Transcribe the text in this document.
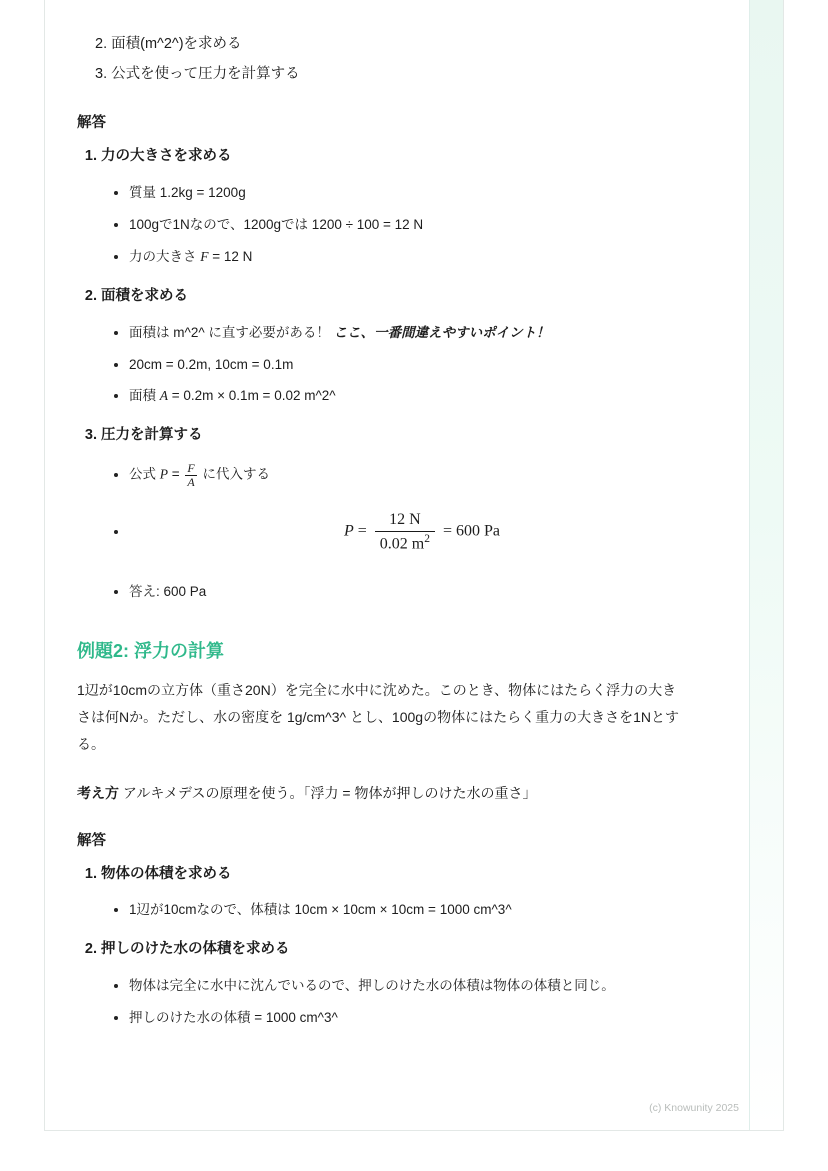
2. 面積(m^2^)を求める
3. 公式を使って圧力を計算する
解答
1. 力の大きさを求める
• 質量 1.2kg = 1200g
• 100gで1Nなので、1200gでは 1200 ÷ 100 = 12 N
• 力の大きさ F = 12 N
2. 面積を求める
• 面積は m^2^ に直す必要がある！ ここ、一番間違えやすいポイント！
• 20cm = 0.2m, 10cm = 0.1m
• 面積 A = 0.2m × 0.1m = 0.02 m^2^
3. 圧力を計算する
• 公式 $P = \frac{F}{A}$ に代入する
• $P = \frac{12 N}{0.02 m^2} = 600$ Pa
• 答え: 600 Pa
例題2: 浮力の計算

1辺が10cmの立方体（重さ20N）を完全に水中に沈めた。このとき、物体にはたらく浮力の大きさは何Nか。ただし、水の密度を 1g/cm^3^ とし、100gの物体にはたらく重力の大きさを1Nとする。

考え方 アルキメデスの原理を使う。「浮力 = 物体が押しのけた水の重さ」

解答
1. 物体の体積を求める
• 1辺が10cmなので、体積は 10cm × 10cm × 10cm = 1000 cm^3^
2. 押しのけた水の体積を求める
• 物体は完全に水中に沈んでいるので、押しのけた水の体積は物体の体積と同じ。
• 押しのけた水の体積 = 1000 cm^3^
(c) Knowunity 2025
